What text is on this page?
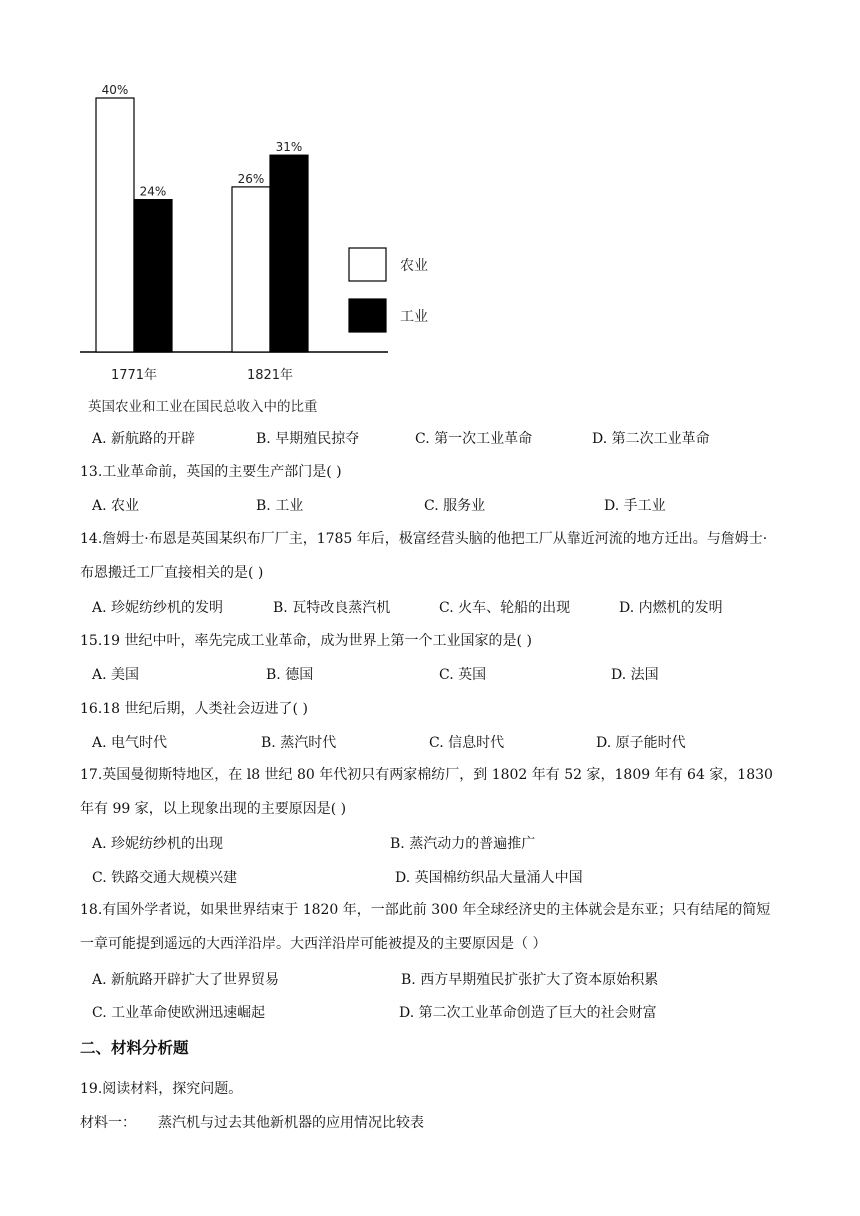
40%
24%
1771年
26%
31%
1821年
农业
工业
英国农业和工业在国民总收入中的比重
A. 新航路的开辟	B. 早期殖民掠夺	C. 第一次工业革命	D. 第二次工业革命
13.工业革命前，英国的主要生产部门是( )
A. 农业	B. 工业	C. 服务业	D. 手工业
14.詹姆士·布恩是英国某织布厂厂主，1785 年后，极富经营头脑的他把工厂从靠近河流的地方迁出。与詹姆士·布恩搬迁工厂直接相关的是( )
A. 珍妮纺纱机的发明	B. 瓦特改良蒸汽机	C. 火车、轮船的出现	D. 内燃机的发明
15.19 世纪中叶，率先完成工业革命，成为世界上第一个工业国家的是( )
A. 美国	B. 德国	C. 英国	D. 法国
16.18 世纪后期，人类社会迈进了( )
A. 电气时代	B. 蒸汽时代	C. 信息时代	D. 原子能时代
17.英国曼彻斯特地区，在 l8 世纪 80 年代初只有两家棉纺厂，到 1802 年有 52 家，1809 年有 64 家，1830 年有 99 家，以上现象出现的主要原因是( )
A. 珍妮纺纱机的出现	B. 蒸汽动力的普遍推广
C. 铁路交通大规模兴建	D. 英国棉纺织品大量涌人中国
18.有国外学者说，如果世界结束于 1820 年，一部此前 300 年全球经济史的主体就会是东亚；只有结尾的简短一章可能提到遥远的大西洋沿岸。大西洋沿岸可能被提及的主要原因是（ ）
A. 新航路开辟扩大了世界贸易	B. 西方早期殖民扩张扩大了资本原始积累
C. 工业革命使欧洲迅速崛起	D. 第二次工业革命创造了巨大的社会财富
二、材料分析题
19.阅读材料，探究问题。
材料一： 蒸汽机与过去其他新机器的应用情况比较表
